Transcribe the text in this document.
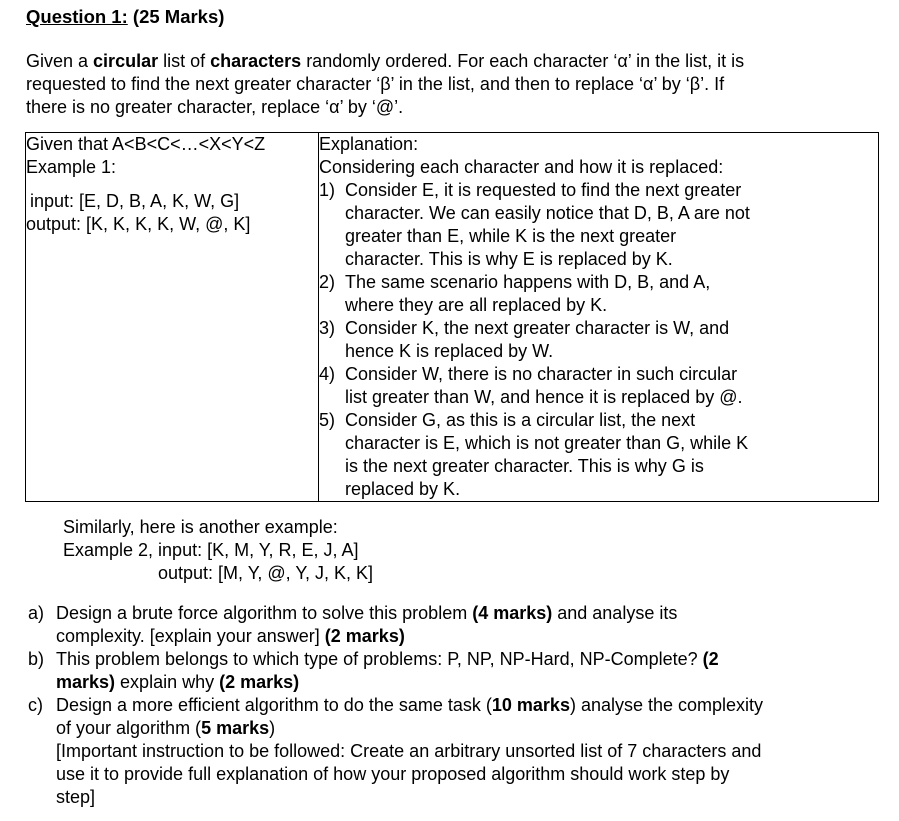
Question 1: (25 Marks)
Given a circular list of characters randomly ordered. For each character ‘α’ in the list, it is
requested to find the next greater character ‘β’ in the list, and then to replace ‘α’ by ‘β’. If
there is no greater character, replace ‘α’ by ‘@’.
Given that A<B<C<…<X<Y<Z
Example 1:
input: [E, D, B, A, K, W, G]
output: [K, K, K, K, W, @, K]

Explanation:
Considering each character and how it is replaced:
1) Consider E, it is requested to find the next greater
character. We can easily notice that D, B, A are not
greater than E, while K is the next greater
character. This is why E is replaced by K.
2) The same scenario happens with D, B, and A,
where they are all replaced by K.
3) Consider K, the next greater character is W, and
hence K is replaced by W.
4) Consider W, there is no character in such circular
list greater than W, and hence it is replaced by @.
5) Consider G, as this is a circular list, the next
character is E, which is not greater than G, while K
is the next greater character. This is why G is
replaced by K.
Similarly, here is another example:
Example 2, input: [K, M, Y, R, E, J, A]
output: [M, Y, @, Y, J, K, K]
a) Design a brute force algorithm to solve this problem (4 marks) and analyse its
complexity. [explain your answer] (2 marks)
b) This problem belongs to which type of problems: P, NP, NP-Hard, NP-Complete? (2
marks) explain why (2 marks)
c) Design a more efficient algorithm to do the same task (10 marks) analyse the complexity
of your algorithm (5 marks)
[Important instruction to be followed: Create an arbitrary unsorted list of 7 characters and
use it to provide full explanation of how your proposed algorithm should work step by
step]
